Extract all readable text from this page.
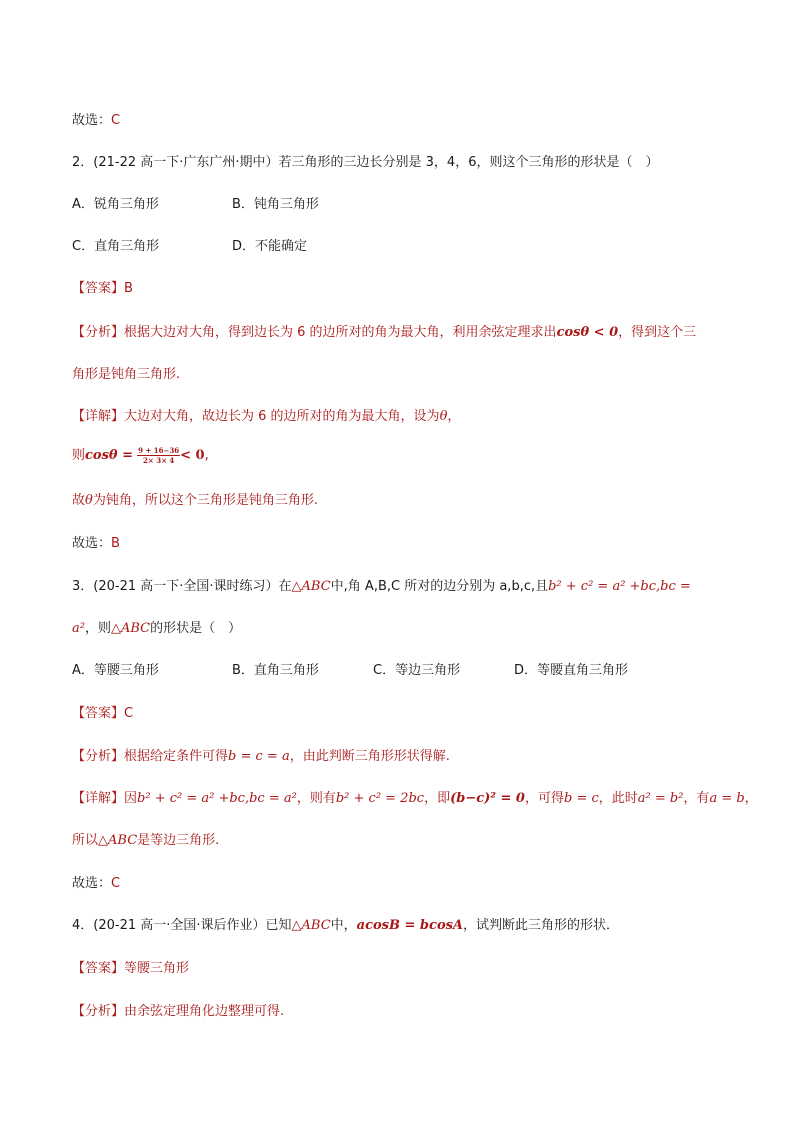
故选：C
2．(21-22 高一下·广东广州·期中）若三角形的三边长分别是 3，4，6，则这个三角形的形状是（　）
A．锐角三角形	B．钝角三角形
C．直角三角形	D．不能确定
【答案】B
【分析】根据大边对大角，得到边长为 6 的边所对的角为最大角，利用余弦定理求出cosθ < 0，得到这个三
角形是钝角三角形.
【详解】大边对大角，故边长为 6 的边所对的角为最大角，设为θ，
则$\cos\theta = \frac{9 + 16-36}{2\times 3\times 4} < 0$,
故θ为钝角，所以这个三角形是钝角三角形.
故选：B
3．(20-21 高一下·全国·课时练习）在△ABC中,角 A,B,C 所对的边分别为 a,b,c,且b² + c² = a² +bc,bc =
a²，则△ABC的形状是（　）
A．等腰三角形	B．直角三角形	C．等边三角形	D．等腰直角三角形
【答案】C
【分析】根据给定条件可得b = c = a，由此判断三角形形状得解.
【详解】因b² + c² = a² +bc,bc = a²，则有b² + c² = 2bc，即(b−c)² = 0，可得b = c，此时a² = b²，有a = b，
所以△ABC是等边三角形.
故选：C
4．(20-21 高一·全国·课后作业）已知△ABC中，acosB = bcosA，试判断此三角形的形状．
【答案】等腰三角形
【分析】由余弦定理角化边整理可得.
